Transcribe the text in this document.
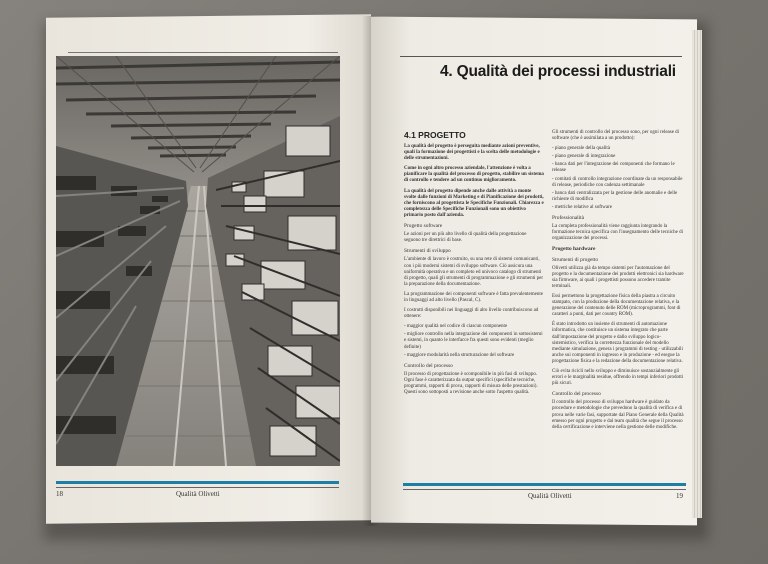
18	Qualità Olivetti
4. Qualità dei processi industriali
4.1 PROGETTO

La qualità del progetto è perseguita mediante azioni preventive, quali la formazione dei progettisti e la scelta delle metodologie e delle strumentazioni.

Come in ogni altro processo aziendale, l'attenzione è volta a pianificare la qualità del processo di progetto, stabilire un sistema di controllo e tendere ad un continuo miglioramento.

La qualità del progetto dipende anche dalle attività a monte svolte dalle funzioni di Marketing e di Pianificazione dei prodotti, che forniscono al progettista le Specifiche Funzionali. Chiarezza e completezza delle Specifiche Funzionali sono un obiettivo primario posto dall'azienda.

Progetto software

Le azioni per un più alto livello di qualità della progettazione seguono tre direttrici di base.

Strumenti di sviluppo

L'ambiente di lavoro è costruito, su una rete di sistemi comunicanti, con i più moderni sistemi di sviluppo software. Ciò assicura una uniformità operativa e un completo ed univoco catalogo di strumenti di progetto, quali gli strumenti di programmazione e gli strumenti per la preparazione della documentazione.

La programmazione dei componenti software è fatta prevalentemente in linguaggi ad alto livello (Pascal, C).

I costrutti disponibili nei linguaggi di alto livello contribuiscono ad ottenere:

- maggior qualità nel codice di ciascun componente
- migliore controllo nella integrazione dei componenti in sottosistemi e sistemi, in quanto le interfacce fra questi sono evidenti (meglio definite)
- maggiore modularità nella strutturazione del software
Controllo del processo

Il processo di progettazione è scomponibile in più fasi di sviluppo. Ogni fase è caratterizzata da output specifici (specifiche tecniche, programmi, rapporti di prova, rapporti di misura delle prestazioni). Questi sono sottoposti a revisione anche sotto l'aspetto qualità.

Gli strumenti di controllo del processo sono, per ogni release di software (che è assimilata a un prodotto):

- piano generale della qualità
- piano generale di integrazione
- banca dati per l'integrazione dei componenti che formano le release
- comitati di controllo integrazione coordinate da un responsabile di release, periodiche con cadenza settimanale
- banca dati centralizzata per la gestione delle anomalie e delle richieste di modifica
- metriche relative al software
Professionalità

La completa professionalità viene raggiunta integrando la formazione tecnica specifica con l'insegnamento delle tecniche di organizzazione dei processi.

Progetto hardware
Strumenti di progetto

Olivetti utilizza già da tempo sistemi per l'automazione del progetto e la documentazione dei prodotti elettronici sia hardware sia firmware, ai quali i progettisti possono accedere tramite terminali.

Essi permettono la progettazione fisica della piastra a circuito stampato, con la produzione della documentazione relativa, e la generazione del contenuto delle ROM (microprogrammi, font di caratteri a punti, dati per country ROM).

È stato introdotto un insieme di strumenti di automazione informatica, che costituisce un sistema integrato che parte dall'impostazione del progetto e dallo sviluppo logico-sistemistico, verifica la correttezza funzionale del modello mediante simulazione, genera i programmi di testing - utilizzabili anche sui componenti in ingresso e in produzione - ed esegue la progettazione fisica e la redazione della documentazione relativa.

Ciò evita ricicli nello sviluppo e diminuisce sostanzialmente gli errori e le marginalità residue, offrendo in tempi inferiori prodotti più sicuri.

Controllo del processo

Il controllo del processo di sviluppo hardware è guidato da procedure e metodologie che prevedono la qualità di verifica e di prova nelle varie fasi, supportate dal Piano Generale della Qualità emesso per ogni progetto e dal team qualità che segue il processo della certificazione e interviene nella gestione delle modifiche.

Qualità Olivetti	19
